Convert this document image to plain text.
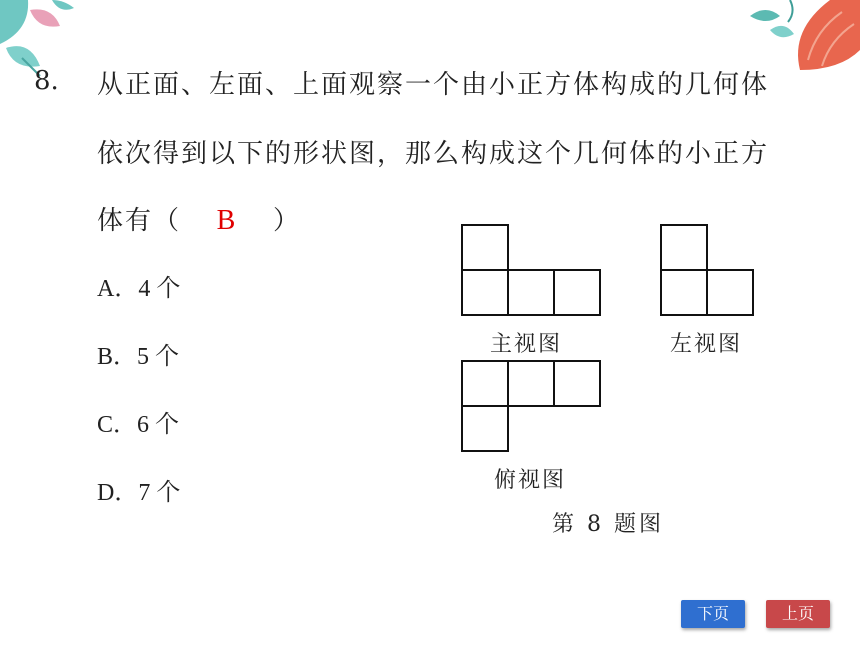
8. 从正面、左面、上面观察一个由小正方体构成的几何体
依次得到以下的形状图，那么构成这个几何体的小正方
体有（ B ）
A．4 个
B．5 个
C．6 个
D．7 个
主视图	左视图
俯视图
第 8 题图
下页	上页
